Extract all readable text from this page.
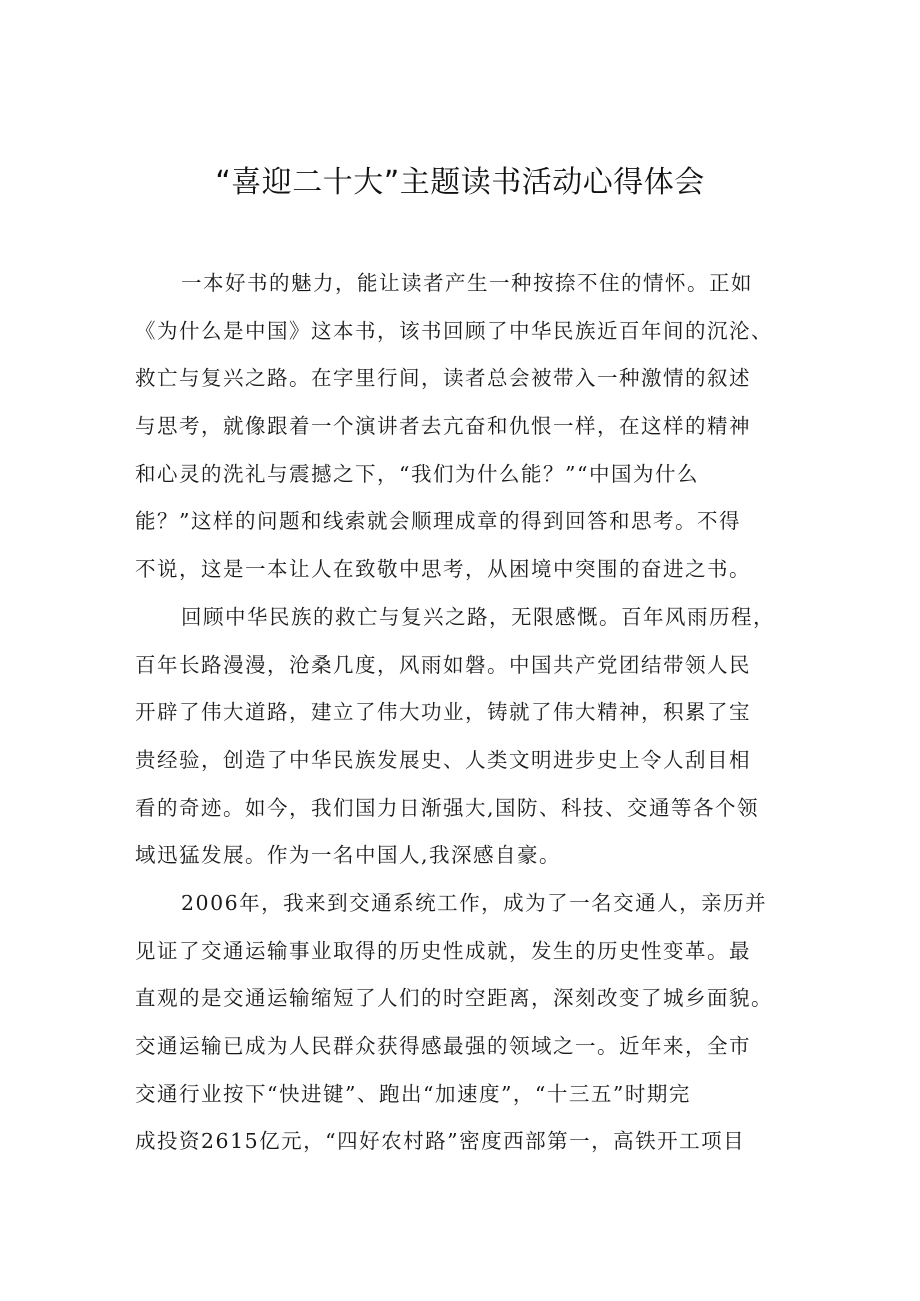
“喜迎二十大”主题读书活动心得体会
一本好书的魅力，能让读者产生一种按捺不住的情怀。正如
《为什么是中国》这本书，该书回顾了中华民族近百年间的沉沦、
救亡与复兴之路。在字里行间，读者总会被带入一种激情的叙述
与思考，就像跟着一个演讲者去亢奋和仇恨一样，在这样的精神
和心灵的洗礼与震撼之下，“我们为什么能？”“中国为什么
能？”这样的问题和线索就会顺理成章的得到回答和思考。不得
不说，这是一本让人在致敬中思考，从困境中突围的奋进之书。
回顾中华民族的救亡与复兴之路，无限感慨。百年风雨历程，
百年长路漫漫，沧桑几度，风雨如磐。中国共产党团结带领人民
开辟了伟大道路，建立了伟大功业，铸就了伟大精神，积累了宝
贵经验，创造了中华民族发展史、人类文明进步史上令人刮目相
看的奇迹。如今，我们国力日渐强大,国防、科技、交通等各个领
域迅猛发展。作为一名中国人,我深感自豪。
2006年，我来到交通系统工作，成为了一名交通人，亲历并
见证了交通运输事业取得的历史性成就，发生的历史性变革。最
直观的是交通运输缩短了人们的时空距离，深刻改变了城乡面貌。
交通运输已成为人民群众获得感最强的领域之一。近年来，全市
交通行业按下“快进键”、跑出“加速度”，“十三五”时期完
成投资2615亿元，“四好农村路”密度西部第一，高铁开工项目
